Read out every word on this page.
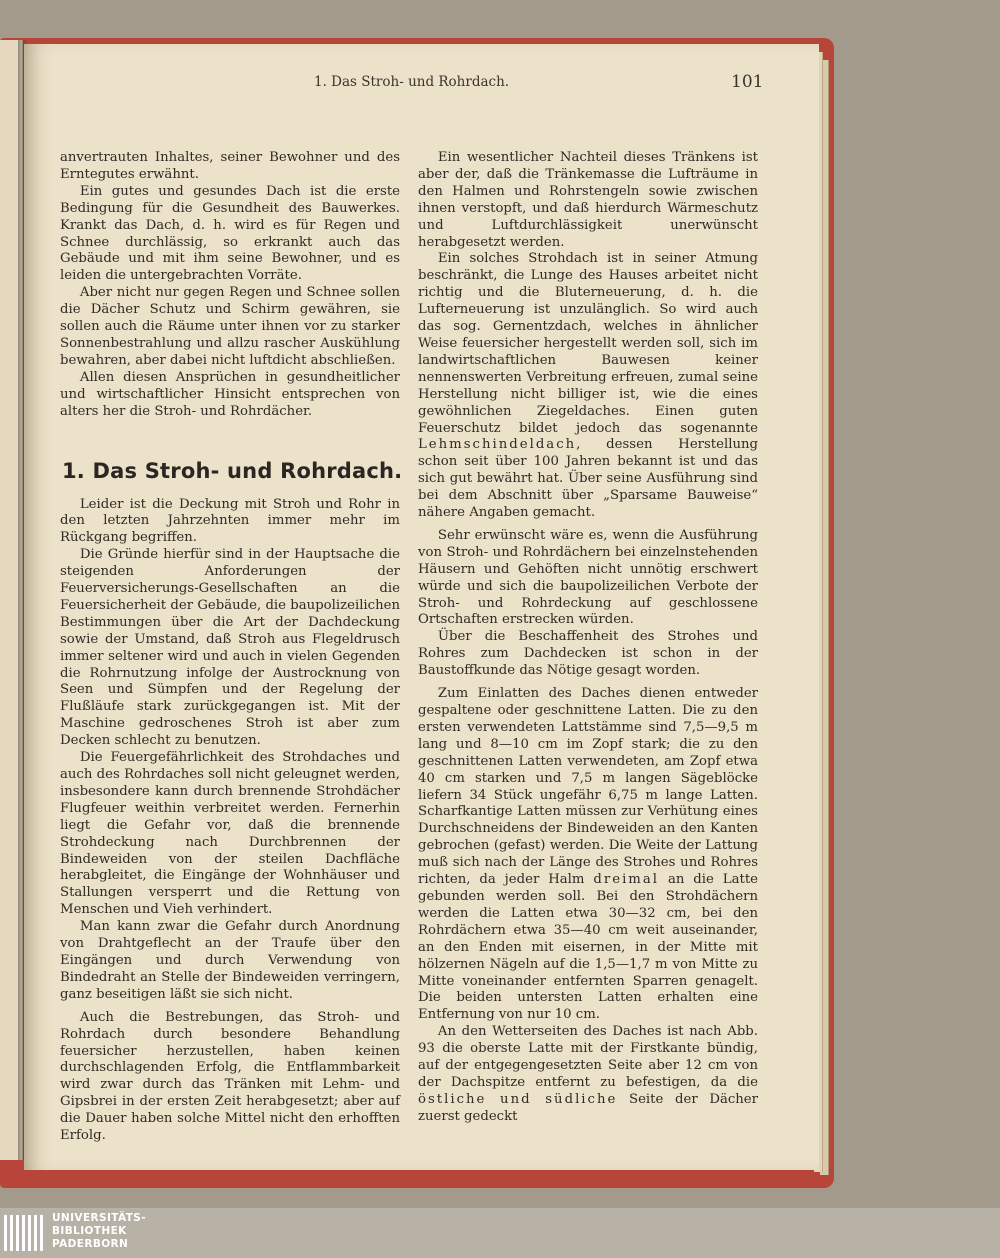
1. Das Stroh- und Rohrdach.	101

anvertrauten Inhaltes, seiner Bewohner und des Erntegutes erwähnt.

Ein gutes und gesundes Dach ist die erste Bedingung für die Gesundheit des Bauwerkes. Krankt das Dach, d. h. wird es für Regen und Schnee durchlässig, so erkrankt auch das Gebäude und mit ihm seine Bewohner, und es leiden die untergebrachten Vorräte.

Aber nicht nur gegen Regen und Schnee sollen die Dächer Schutz und Schirm gewähren, sie sollen auch die Räume unter ihnen vor zu starker Sonnenbestrahlung und allzu rascher Auskühlung bewahren, aber dabei nicht luftdicht abschließen.

Allen diesen Ansprüchen in gesundheitlicher und wirtschaftlicher Hinsicht entsprechen von alters her die Stroh- und Rohrdächer.

1. Das Stroh- und Rohrdach.

Leider ist die Deckung mit Stroh und Rohr in den letzten Jahrzehnten immer mehr im Rückgang begriffen.

Die Gründe hierfür sind in der Hauptsache die steigenden Anforderungen der Feuerversicherungs-Gesellschaften an die Feuersicherheit der Gebäude, die baupolizeilichen Bestimmungen über die Art der Dachdeckung sowie der Umstand, daß Stroh aus Flegeldrusch immer seltener wird und auch in vielen Gegenden die Rohrnutzung infolge der Austrocknung von Seen und Sümpfen und der Regelung der Flußläufe stark zurückgegangen ist. Mit der Maschine gedroschenes Stroh ist aber zum Decken schlecht zu benutzen.

Die Feuergefährlichkeit des Strohdaches und auch des Rohrdaches soll nicht geleugnet werden, insbesondere kann durch brennende Strohdächer Flugfeuer weithin verbreitet werden. Fernerhin liegt die Gefahr vor, daß die brennende Strohdeckung nach Durchbrennen der Bindeweiden von der steilen Dachfläche herabgleitet, die Eingänge der Wohnhäuser und Stallungen versperrt und die Rettung von Menschen und Vieh verhindert.

Man kann zwar die Gefahr durch Anordnung von Drahtgeflecht an der Traufe über den Eingängen und durch Verwendung von Bindedraht an Stelle der Bindeweiden verringern, ganz beseitigen läßt sie sich nicht.

Auch die Bestrebungen, das Stroh- und Rohrdach durch besondere Behandlung feuersicher herzustellen, haben keinen durchschlagenden Erfolg, die Entflammbarkeit wird zwar durch das Tränken mit Lehm- und Gipsbrei in der ersten Zeit herabgesetzt; aber auf die Dauer haben solche Mittel nicht den erhofften Erfolg.

Ein wesentlicher Nachteil dieses Tränkens ist aber der, daß die Tränkemasse die Lufträume in den Halmen und Rohrstengeln sowie zwischen ihnen verstopft, und daß hierdurch Wärmeschutz und Luftdurchlässigkeit unerwünscht herabgesetzt werden.

Ein solches Strohdach ist in seiner Atmung beschränkt, die Lunge des Hauses arbeitet nicht richtig und die Bluterneuerung, d. h. die Lufterneuerung ist unzulänglich. So wird auch das sog. Gernentzdach, welches in ähnlicher Weise feuersicher hergestellt werden soll, sich im landwirtschaftlichen Bauwesen keiner nennenswerten Verbreitung erfreuen, zumal seine Herstellung nicht billiger ist, wie die eines gewöhnlichen Ziegeldaches. Einen guten Feuerschutz bildet jedoch das sogenannte Lehmschindeldach, dessen Herstellung schon seit über 100 Jahren bekannt ist und das sich gut bewährt hat. Über seine Ausführung sind bei dem Abschnitt über „Sparsame Bauweise“ nähere Angaben gemacht.

Sehr erwünscht wäre es, wenn die Ausführung von Stroh- und Rohrdächern bei einzelnstehenden Häusern und Gehöften nicht unnötig erschwert würde und sich die baupolizeilichen Verbote der Stroh- und Rohrdeckung auf geschlossene Ortschaften erstrecken würden.

Über die Beschaffenheit des Strohes und Rohres zum Dachdecken ist schon in der Baustoffkunde das Nötige gesagt worden.

Zum Einlatten des Daches dienen entweder gespaltene oder geschnittene Latten. Die zu den ersten verwendeten Lattstämme sind 7,5—9,5 m lang und 8—10 cm im Zopf stark; die zu den geschnittenen Latten verwendeten, am Zopf etwa 40 cm starken und 7,5 m langen Sägeblöcke liefern 34 Stück ungefähr 6,75 m lange Latten. Scharfkantige Latten müssen zur Verhütung eines Durchschneidens der Bindeweiden an den Kanten gebrochen (gefast) werden. Die Weite der Lattung muß sich nach der Länge des Strohes und Rohres richten, da jeder Halm dreimal an die Latte gebunden werden soll. Bei den Strohdächern werden die Latten etwa 30—32 cm, bei den Rohrdächern etwa 35—40 cm weit auseinander, an den Enden mit eisernen, in der Mitte mit hölzernen Nägeln auf die 1,5—1,7 m von Mitte zu Mitte voneinander entfernten Sparren genagelt. Die beiden untersten Latten erhalten eine Entfernung von nur 10 cm.

An den Wetterseiten des Daches ist nach Abb. 93 die oberste Latte mit der Firstkante bündig, auf der entgegengesetzten Seite aber 12 cm von der Dachspitze entfernt zu befestigen, da die östliche und südliche Seite der Dächer zuerst gedeckt

UNIVERSITÄTS-
BIBLIOTHEK
PADERBORN
